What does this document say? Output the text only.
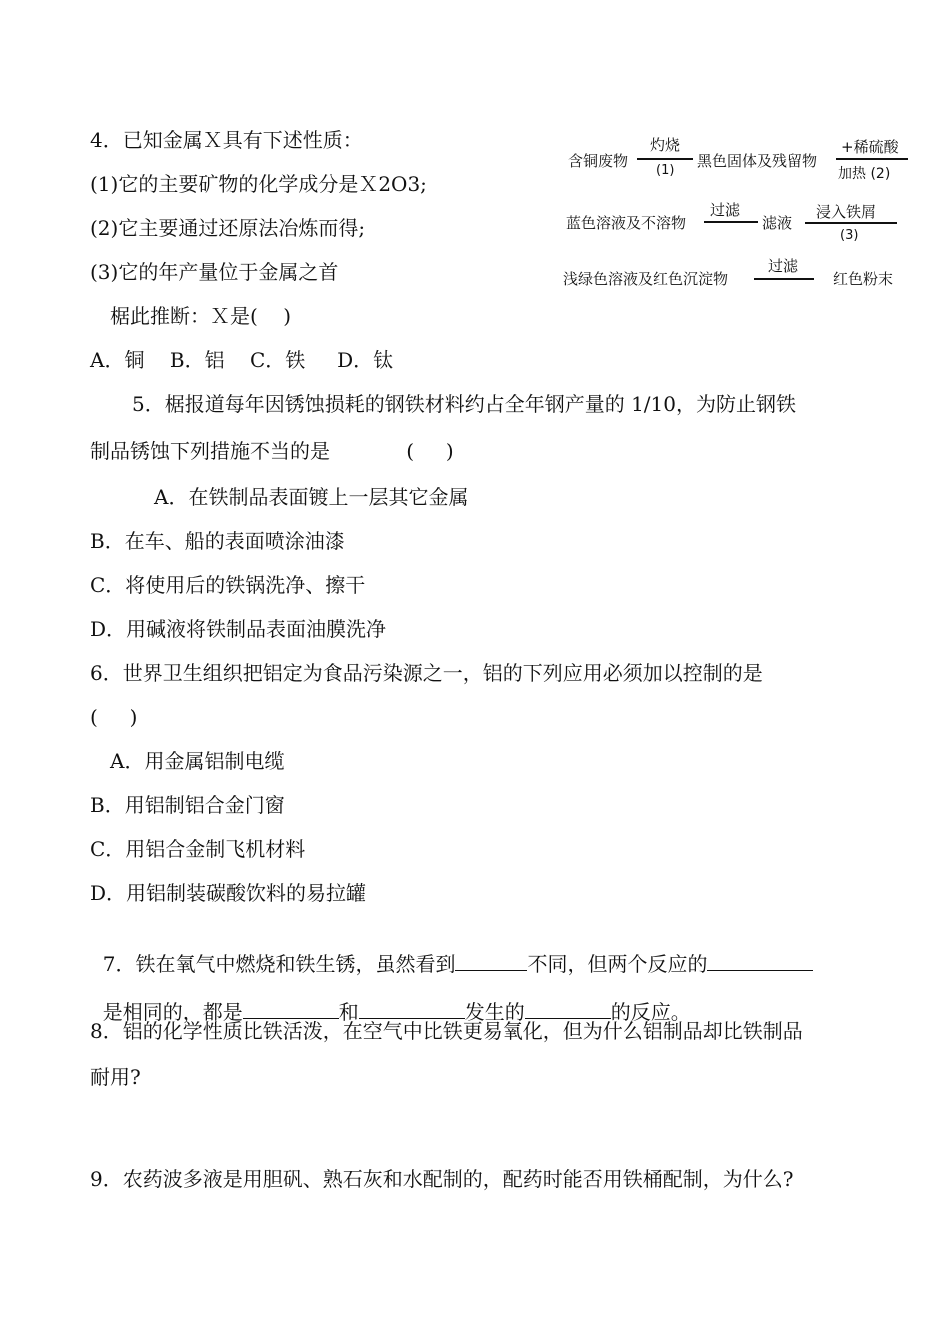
4．已知金属Ｘ具有下述性质：
(1)它的主要矿物的化学成分是Ｘ2O3;
(2)它主要通过还原法冶炼而得;
(3)它的年产量位于金属之首
椐此推断：Ｘ是(    )
A．铜    B．铝    C．铁     D．钛
含铜废物
灼烧
(1)
黑色固体及残留物
+稀硫酸
加热 (2)
蓝色溶液及不溶物
过滤
滤液
浸入铁屑
(3)
浅绿色溶液及红色沉淀物
过滤
红色粉末
5．椐报道每年因锈蚀损耗的钢铁材料约占全年钢产量的 1/10，为防止钢铁
制品锈蚀下列措施不当的是            (     )
A．在铁制品表面镀上一层其它金属
B．在车、船的表面喷涂油漆
C．将使用后的铁锅洗净、擦干
D．用碱液将铁制品表面油膜洗净
6．世界卫生组织把铝定为食品污染源之一，铝的下列应用必须加以控制的是
(     )
A．用金属铝制电缆
B．用铝制铝合金门窗
C．用铝合金制飞机材料
D．用铝制装碳酸饮料的易拉罐

7．铁在氧气中燃烧和铁生锈，虽然看到	不同，但两个反应的

是相同的，都是	和	发生的	的反应。

8．铝的化学性质比铁活泼，在空气中比铁更易氧化，但为什么铝制品却比铁制品
耐用?
9．农药波多液是用胆矾、熟石灰和水配制的，配药时能否用铁桶配制，为什么?
